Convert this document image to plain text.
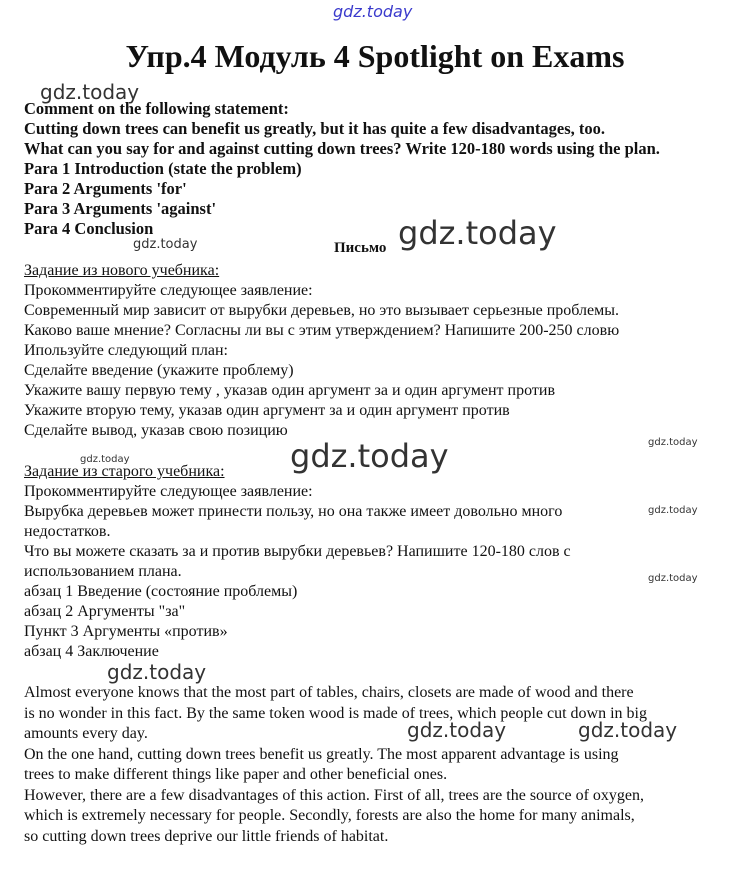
gdz.today
Упр.4 Модуль 4 Spotlight on Exams
gdz.today
gdz.today	gdz.today
gdz.today
gdz.today	gdz.today
gdz.today
gdz.today
gdz.today
gdz.today	gdz.today
Comment on the following statement:
Cutting down trees can benefit us greatly, but it has quite a few disadvantages, too.
What can you say for and against cutting down trees? Write 120-180 words using the plan.
Para 1 Introduction (state the problem)
Para 2 Arguments 'for'
Para 3 Arguments 'against'
Para 4 Conclusion
Письмо
Задание из нового учебника:
Прокомментируйте следующее заявление:
Современный мир зависит от вырубки деревьев, но это вызывает серьезные проблемы.
Каково ваше мнение? Согласны ли вы с этим утверждением? Напишите 200-250 словю
Ипользуйте следующий план:
Сделайте введение (укажите проблему)
Укажите вашу первую тему , указав один аргумент за и один аргумент против
Укажите вторую тему, указав один аргумент за и один аргумент против
Сделайте вывод, указав свою позицию
Задание из старого учебника:
Прокомментируйте следующее заявление:
Вырубка деревьев может принести пользу, но она также имеет довольно много
недостатков.
Что вы можете сказать за и против вырубки деревьев? Напишите 120-180 слов с
использованием плана.
абзац 1 Введение (состояние проблемы)
абзац 2 Аргументы "за"
Пункт 3 Аргументы «против»
абзац 4 Заключение
Almost everyone knows that the most part of tables, chairs, closets are made of wood and there
is no wonder in this fact. By the same token wood is made of trees, which people cut down in big
amounts every day.
On the one hand, cutting down trees benefit us greatly. The most apparent advantage is using
trees to make different things like paper and other beneficial ones.
However, there are a few disadvantages of this action. First of all, trees are the source of oxygen,
which is extremely necessary for people. Secondly, forests are also the home for many animals,
so cutting down trees deprive our little friends of habitat.
